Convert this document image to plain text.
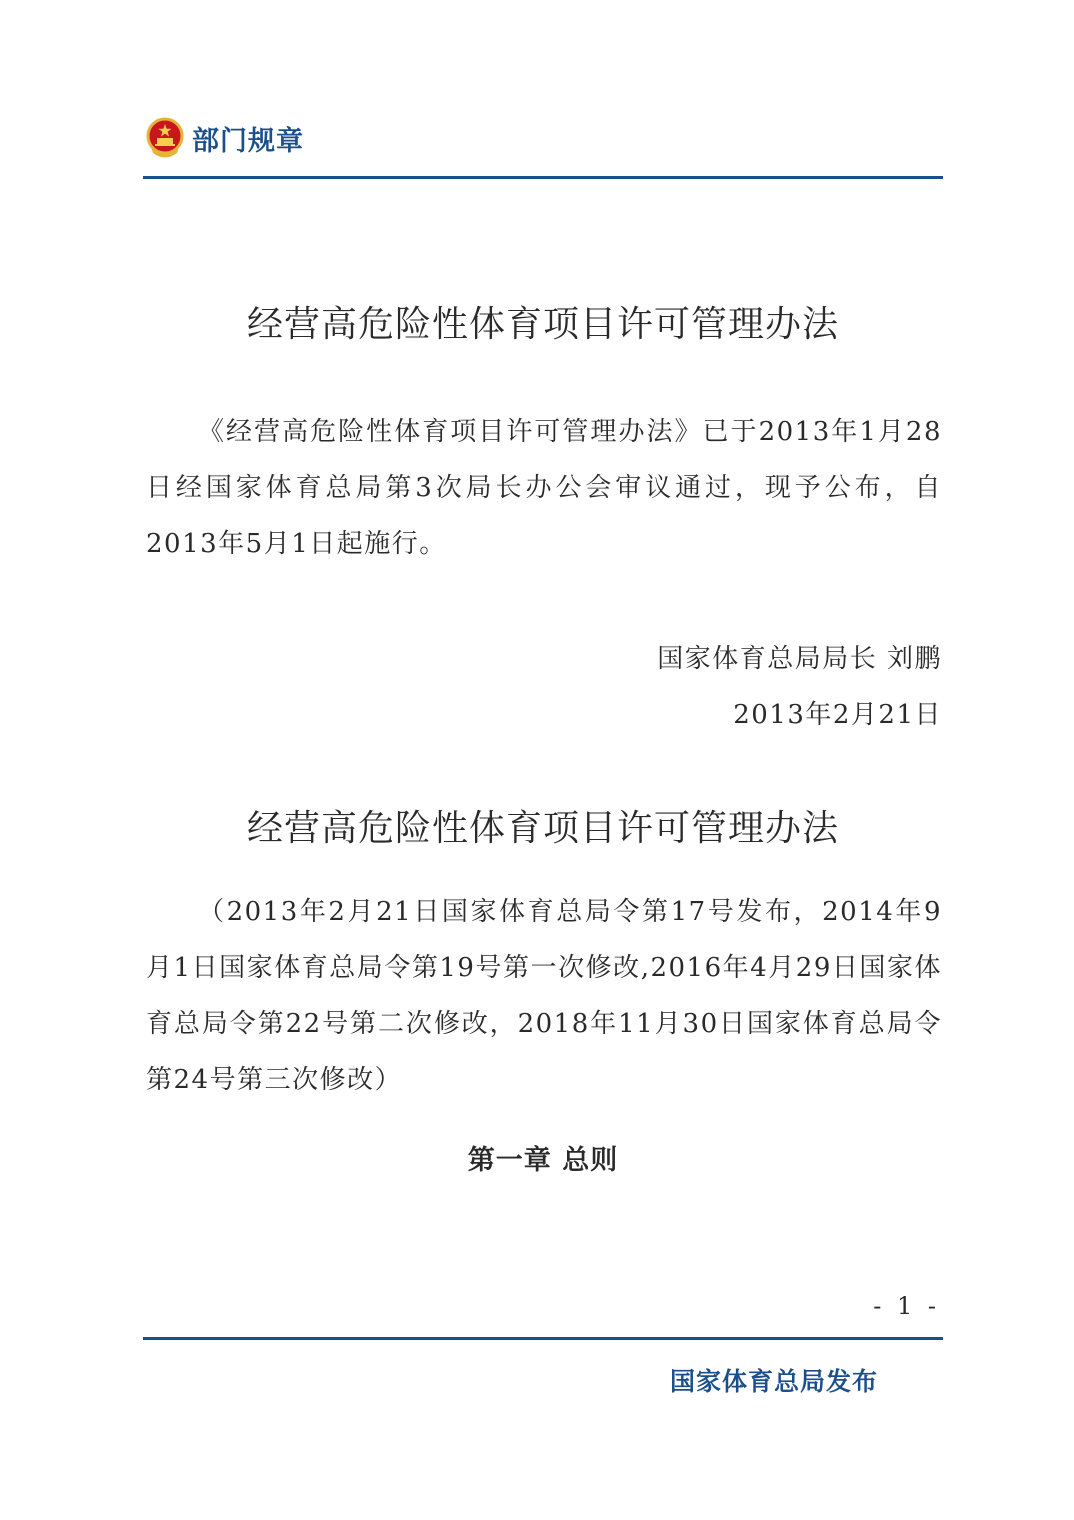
部门规章
经营高危险性体育项目许可管理办法

《经营高危险性体育项目许可管理办法》已于2013年1月28日经国家体育总局第3次局长办公会审议通过，现予公布，自2013年5月1日起施行。

国家体育总局局长 刘鹏

2013年2月21日

经营高危险性体育项目许可管理办法

（2013年2月21日国家体育总局令第17号发布，2014年9月1日国家体育总局令第19号第一次修改,2016年4月29日国家体育总局令第22号第二次修改，2018年11月30日国家体育总局令第24号第三次修改）

第一章 总则
- 1 -
国家体育总局发布
